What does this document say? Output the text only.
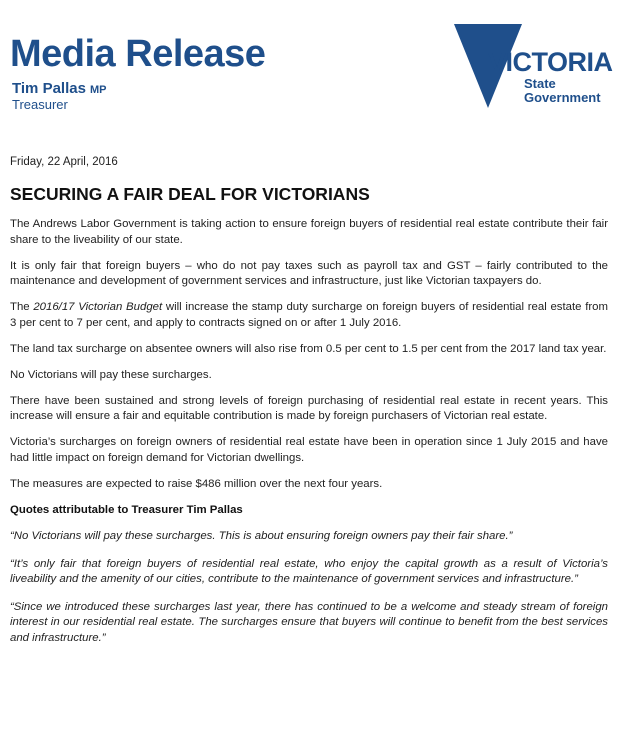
Media Release
Tim Pallas MP
Treasurer
VICTORIA
State
Government
Friday, 22 April, 2016
SECURING A FAIR DEAL FOR VICTORIANS

The Andrews Labor Government is taking action to ensure foreign buyers of residential real estate contribute their fair share to the liveability of our state.

It is only fair that foreign buyers – who do not pay taxes such as payroll tax and GST – fairly contributed to the maintenance and development of government services and infrastructure, just like Victorian taxpayers do.

The 2016/17 Victorian Budget will increase the stamp duty surcharge on foreign buyers of residential real estate from 3 per cent to 7 per cent, and apply to contracts signed on or after 1 July 2016.

The land tax surcharge on absentee owners will also rise from 0.5 per cent to 1.5 per cent from the 2017 land tax year.

No Victorians will pay these surcharges.

There have been sustained and strong levels of foreign purchasing of residential real estate in recent years. This increase will ensure a fair and equitable contribution is made by foreign purchasers of Victorian real estate.

Victoria’s surcharges on foreign owners of residential real estate have been in operation since 1 July 2015 and have had little impact on foreign demand for Victorian dwellings.

The measures are expected to raise $486 million over the next four years.

Quotes attributable to Treasurer Tim Pallas

“No Victorians will pay these surcharges. This is about ensuring foreign owners pay their fair share.”

“It’s only fair that foreign buyers of residential real estate, who enjoy the capital growth as a result of Victoria’s liveability and the amenity of our cities, contribute to the maintenance of government services and infrastructure.”

“Since we introduced these surcharges last year, there has continued to be a welcome and steady stream of foreign interest in our residential real estate. The surcharges ensure that buyers will continue to benefit from the best services and infrastructure.”
